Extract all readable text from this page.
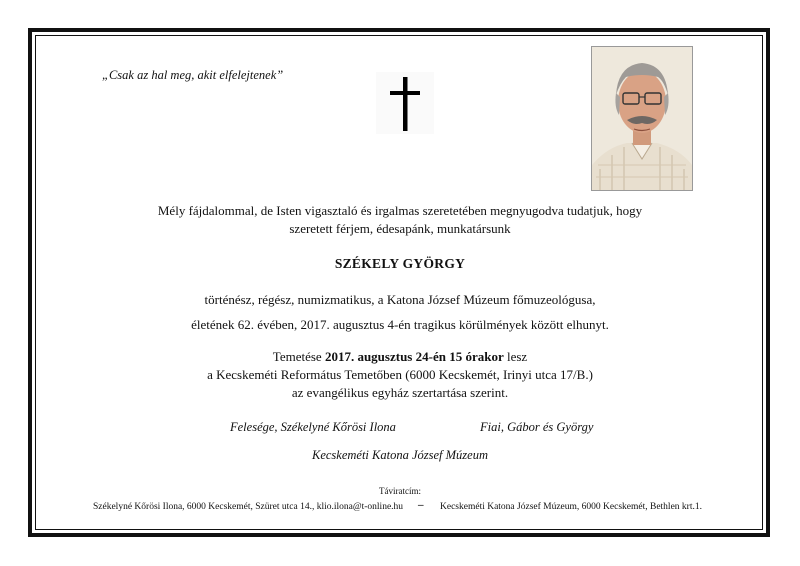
„Csak az hal meg, akit elfelejtenek”
Mély fájdalommal, de Isten vigasztaló és irgalmas szeretetében megnyugodva tudatjuk, hogy
szeretett férjem, édesapánk, munkatársunk
SZÉKELY GYÖRGY
történész, régész, numizmatikus, a Katona József Múzeum főmuzeológusa,
életének 62. évében, 2017. augusztus 4-én tragikus körülmények között elhunyt.
Temetése 2017. augusztus 24-én 15 órakor lesz
a Kecskeméti Református Temetőben (6000 Kecskemét, Irinyi utca 17/B.)
az evangélikus egyház szertartása szerint.
Felesége, Székelyné Kőrösi Ilona	Fiai, Gábor és György
Kecskeméti Katona József Múzeum
Táviratcím:
Székelyné Kőrösi Ilona, 6000 Kecskemét, Szüret utca 14., klio.ilona@t-online.hu – Kecskeméti Katona József Múzeum, 6000 Kecskemét, Bethlen krt.1.
